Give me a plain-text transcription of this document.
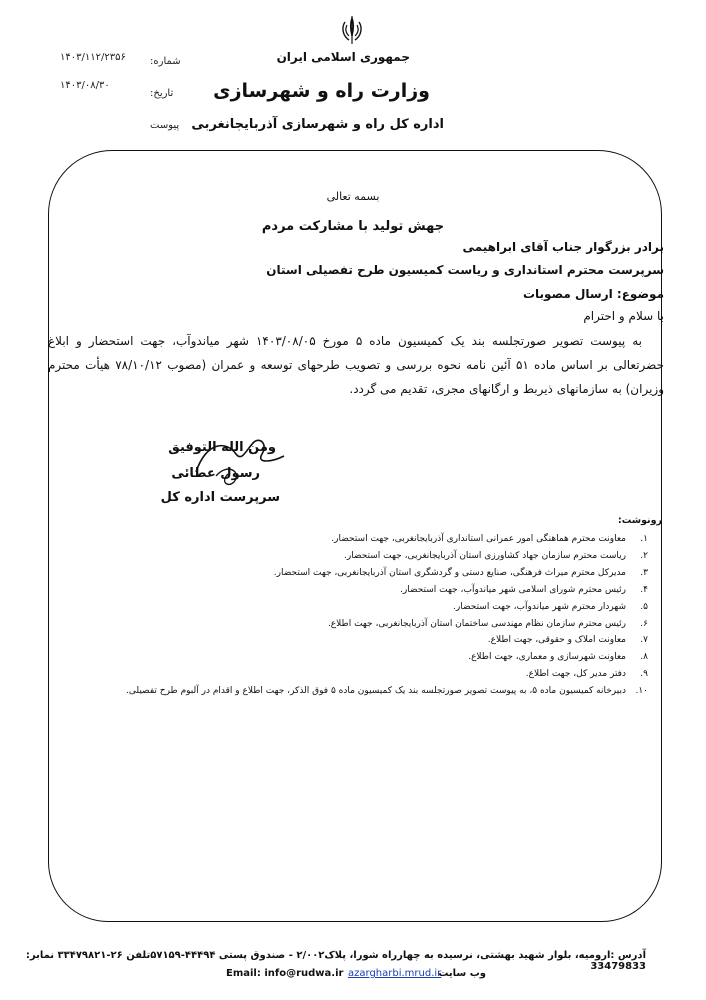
جمهوری اسلامی ایران
وزارت راه و شهرسازی
اداره کل راه و شهرسازی آذربایجانغربی
شماره:
۱۴۰۳/۱۱۲/۲۳۵۶
تاریخ:
۱۴۰۳/۰۸/۳۰
پیوست
بسمه تعالی
جهش تولید با مشارکت مردم
برادر بزرگوار جناب آقای ابراهیمی
سرپرست محترم استانداری و ریاست کمیسیون طرح تفصیلی استان
موضوع: ارسال مصوبات
با سلام و احترام
به پیوست تصویر صورتجلسه بند یک کمیسیون ماده ۵ مورخ ۱۴۰۳/۰۸/۰۵ شهر میاندوآب، جهت استحضار و ابلاغ حضرتعالی بر اساس ماده ۵۱ آئین نامه نحوه بررسی و تصویب طرحهای توسعه و عمران (مصوب ۷۸/۱۰/۱۲ هیأت محترم وزیران) به سازمانهای ذیربط و ارگانهای مجری، تقدیم می گردد.
ومن الله التوفیق
رسول عطائی
سرپرست اداره کل
رونوشت:
۱.
معاونت محترم هماهنگی امور عمرانی استانداری آذربایجانغربی، جهت استحضار.
۲.
ریاست محترم سازمان جهاد کشاورزی استان آذربایجانغربی، جهت استحضار.
۳.
مدیرکل محترم میراث فرهنگی، صنایع دستی و گردشگری استان آذربایجانغربی، جهت استحضار.
۴.
رئیس محترم شورای اسلامی شهر میاندوآب، جهت استحضار.
۵.
شهردار محترم شهر میاندوآب، جهت استحضار.
۶.
رئیس محترم سازمان نظام مهندسی ساختمان استان آذربایجانغربی، جهت اطلاع.
۷.
معاونت املاک و حقوقی، جهت اطلاع.
۸.
معاونت شهرسازی و معماری، جهت اطلاع.
۹.
دفتر مدیر کل، جهت اطلاع.
۱۰.
دبیرخانه کمیسیون ماده ۵، به پیوست تصویر صورتجلسه بند یک کمیسیون ماده ۵ فوق الذکر، جهت اطلاع و اقدام در آلبوم طرح تفصیلی.
آدرس :ارومیه، بلوار شهید بهشتی، نرسیده به چهارراه شورا، پلاک۲/۰۰۲ - صندوق پستی ۴۴۴۹۴-۵۷۱۵۹تلفن ۲۶-۳۳۴۷۹۸۲۱ نمابر: 33479833
وب سایت
azargharbi.mrud.ir
Email: info@rudwa.ir
